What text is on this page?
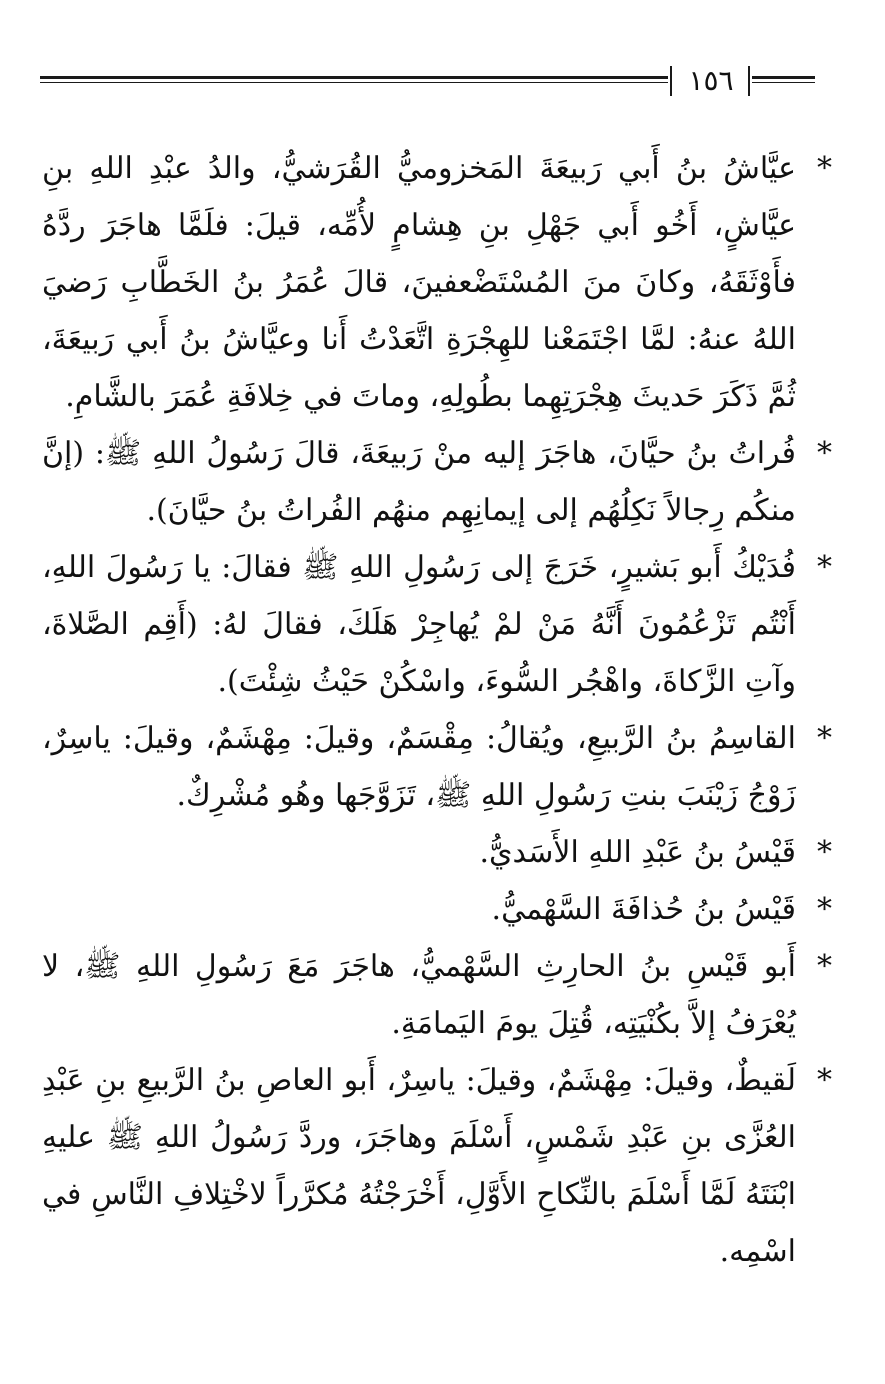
١٥٦

*
عيَّاشُ بنُ أَبي رَبيعَةَ المَخزوميُّ القُرَشيُّ، والدُ عبْدِ اللهِ بنِ عيَّاشٍ، أَخُو أَبي جَهْلِ بنِ هِشامٍ لأُمِّه، قيلَ: فلَمَّا هاجَرَ ردَّهُ فأَوْثَقَهُ، وكانَ منَ المُسْتَضْعفينَ، قالَ عُمَرُ بنُ الخَطَّابِ رَضيَ اللهُ عنهُ: لمَّا اجْتَمَعْنا للهِجْرَةِ اتَّعَدْتُ أَنا وعيَّاشُ بنُ أَبي رَبيعَةَ، ثُمَّ ذَكَرَ حَديثَ هِجْرَتِهِما بطُولِهِ، وماتَ في خِلافَةِ عُمَرَ بالشَّامِ.

*
فُراتُ بنُ حيَّانَ، هاجَرَ إليه منْ رَبيعَةَ، قالَ رَسُولُ اللهِ ﷺ: (إنَّ منكُم رِجالاً نَكِلُهُم إلى إيمانِهِم منهُم الفُراتُ بنُ حيَّانَ).

*
فُدَيْكُ أَبو بَشيرٍ، خَرَجَ إلى رَسُولِ اللهِ ﷺ فقالَ: يا رَسُولَ اللهِ، أَنْتُم تَزْعُمُونَ أَنَّهُ مَنْ لمْ يُهاجِرْ هَلَكَ، فقالَ لهُ: (أَقِم الصَّلاةَ، وآتِ الزَّكاةَ، واهْجُر السُّوءَ، واسْكُنْ حَيْثُ شِئْتَ).

*
القاسِمُ بنُ الرَّبيعِ، ويُقالُ: مِقْسَمٌ، وقيلَ: مِهْشَمٌ، وقيلَ: ياسِرٌ، زَوْجُ زَيْنَبَ بنتِ رَسُولِ اللهِ ﷺ، تَزَوَّجَها وهُو مُشْرِكٌ.

*
قَيْسُ بنُ عَبْدِ اللهِ الأَسَديُّ.

*
قَيْسُ بنُ حُذافَةَ السَّهْميُّ.

*
أَبو قَيْسِ بنُ الحارِثِ السَّهْميُّ، هاجَرَ مَعَ رَسُولِ اللهِ ﷺ، لا يُعْرَفُ إلاَّ بكُنْيَتِه، قُتِلَ يومَ اليَمامَةِ.

*
لَقيطٌ، وقيلَ: مِهْشَمٌ، وقيلَ: ياسِرٌ، أَبو العاصِ بنُ الرَّبيعِ بنِ عَبْدِ العُزَّى بنِ عَبْدِ شَمْسٍ، أَسْلَمَ وهاجَرَ، وردَّ رَسُولُ اللهِ ﷺ عليهِ ابْنَتَهُ لَمَّا أَسْلَمَ بالنِّكاحِ الأَوَّلِ، أَخْرَجْتُهُ مُكرَّراً لاخْتِلافِ النَّاسِ في اسْمِه.
